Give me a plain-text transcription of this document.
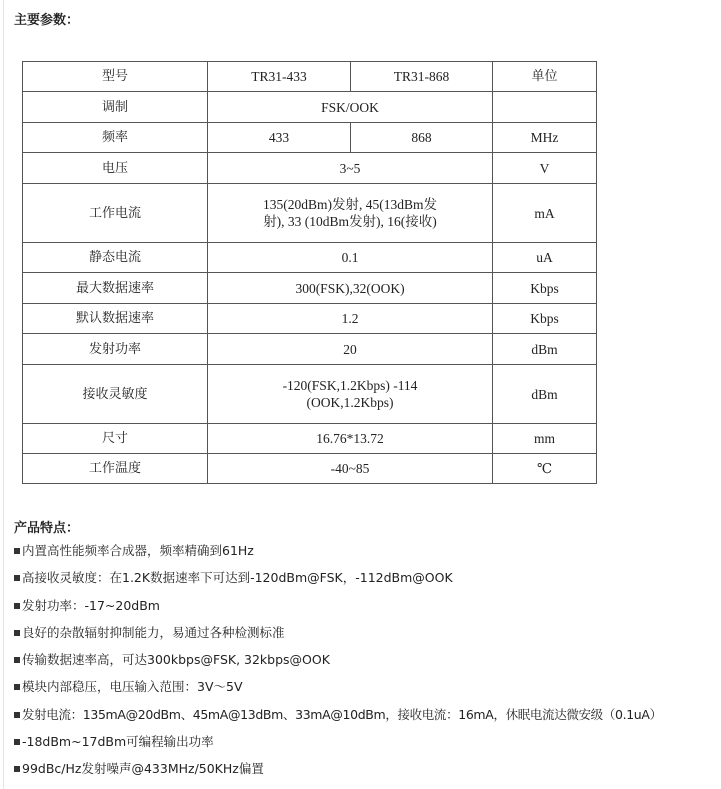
主要参数：
型号	TR31-433	TR31-868	单位
调制	FSK/OOK		
频率	433	868	MHz
电压	3~5		V
工作电流	135(20dBm)发射, 45(13dBm发
射), 33 (10dBm发射), 16(接收)		mA
静态电流	0.1		uA
最大数据速率	300(FSK),32(OOK)		Kbps
默认数据速率	1.2		Kbps
发射功率	20		dBm
接收灵敏度	-120(FSK,1.2Kbps) -114
(OOK,1.2Kbps)		dBm
尺寸	16.76*13.72		mm
工作温度	-40~85		℃
产品特点：
内置高性能频率合成器，频率精确到61Hz
高接收灵敏度：在1.2K数据速率下可达到-120dBm@FSK，-112dBm@OOK
发射功率：-17~20dBm
良好的杂散辐射抑制能力，易通过各种检测标准
传输数据速率高，可达300kbps@FSK, 32kbps@OOK
模块内部稳压，电压输入范围：3V～5V
发射电流：135mA@20dBm、45mA@13dBm、33mA@10dBm，接收电流：16mA，休眠电流达微安级（0.1uA）
-18dBm~17dBm可编程输出功率
99dBc/Hz发射噪声@433MHz/50KHz偏置
